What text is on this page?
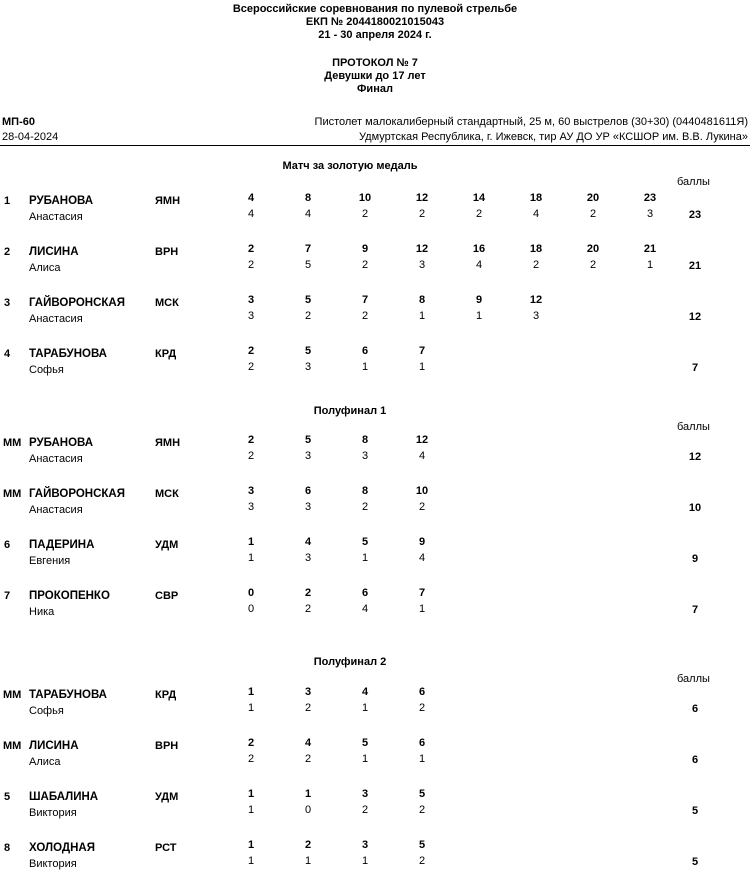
Всероссийские соревнования по пулевой стрельбе
ЕКП № 2044180021015043
21 - 30 апреля 2024 г.
ПРОТОКОЛ № 7
Девушки до 17 лет
Финал
МП-60
28-04-2024
Пистолет малокалиберный стандартный, 25 м, 60 выстрелов (30+30) (0440481611Я)
Удмуртская Республика, г. Ижевск, тир АУ ДО УР «КСШОР им. В.В. Лукина»
Матч за золотую медаль
баллы
1 РУБАНОВА
Анастасия
ЯМН	4	8	10	12	14	18	20	23
4	4	2	2	2	4	2	3	23
2 ЛИСИНА
Алиса
ВРН	2	7	9	12	16	18	20	21
2	5	2	3	4	2	2	1	21
3 ГАЙВОРОНСКАЯ
Анастасия
МСК	3	5	7	8	9	12
3	2	2	1	1	3	12
4 ТАРАБУНОВА
Софья
КРД	2	5	6	7
2	3	1	1	7
Полуфинал 1
баллы
ММ РУБАНОВА
Анастасия
ЯМН	2	5	8	12
2	3	3	4	12
ММ ГАЙВОРОНСКАЯ
Анастасия
МСК	3	6	8	10
3	3	2	2	10
6 ПАДЕРИНА
Евгения
УДМ	1	4	5	9
1	3	1	4	9
7 ПРОКОПЕНКО
Ника
СВР	0	2	6	7
0	2	4	1	7
Полуфинал 2
баллы
ММ ТАРАБУНОВА
Софья
КРД	1	3	4	6
1	2	1	2	6
ММ ЛИСИНА
Алиса
ВРН	2	4	5	6
2	2	1	1	6
5 ШАБАЛИНА
Виктория
УДМ	1	1	3	5
1	0	2	2	5
8 ХОЛОДНАЯ
Виктория
РСТ	1	2	3	5
1	1	1	2	5
